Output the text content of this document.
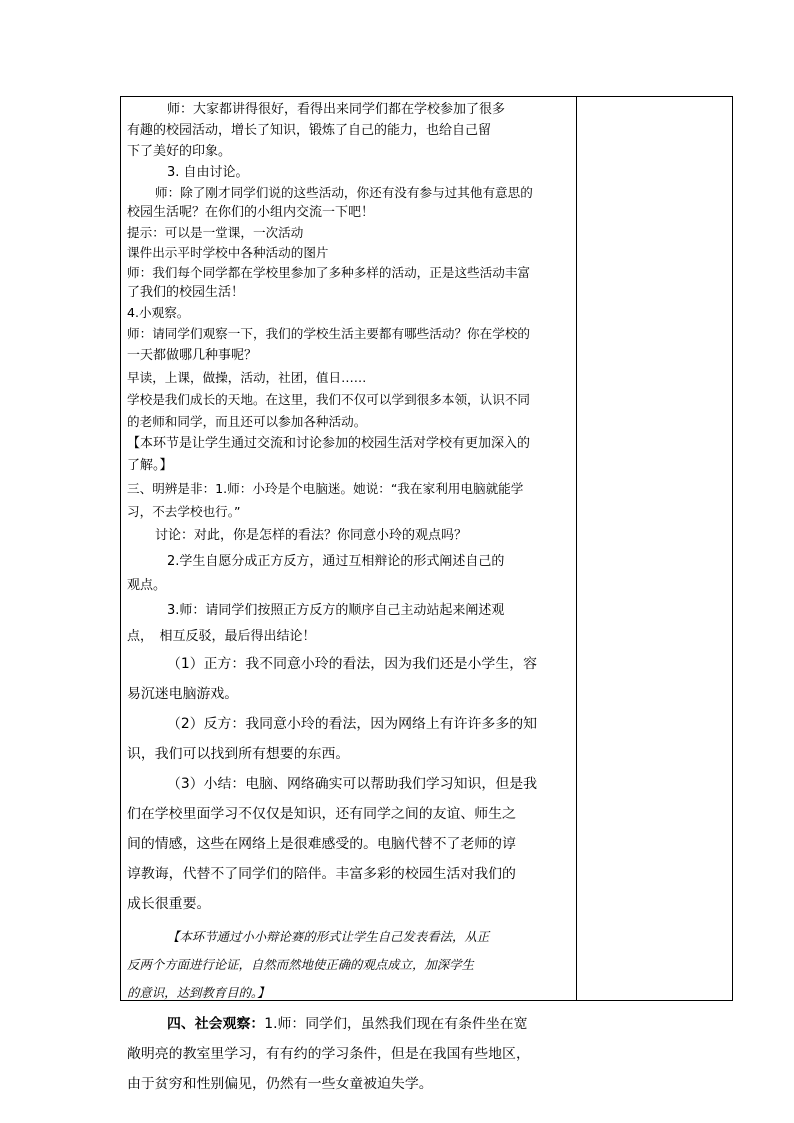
师：大家都讲得很好，看得出来同学们都在学校参加了很多

有趣的校园活动，增长了知识，锻炼了自己的能力，也给自己留

下了美好的印象。

3. 自由讨论。

师：除了刚才同学们说的这些活动，你还有没有参与过其他有意思的

校园生活呢？在你们的小组内交流一下吧！

提示：可以是一堂课，一次活动

课件出示平时学校中各种活动的图片

师：我们每个同学都在学校里参加了多种多样的活动，正是这些活动丰富

了我们的校园生活！

4.小观察。

师：请同学们观察一下，我们的学校生活主要都有哪些活动？你在学校的

一天都做哪几种事呢？

早读，上课，做操，活动，社团，值日……

学校是我们成长的天地。在这里，我们不仅可以学到很多本领，认识不同

的老师和同学，而且还可以参加各种活动。

【本环节是让学生通过交流和讨论参加的校园生活对学校有更加深入的

了解。】

三、明辨是非：1.师：小玲是个电脑迷。她说：“我在家利用电脑就能学

习，不去学校也行。”

讨论：对此，你是怎样的看法？你同意小玲的观点吗？

2.学生自愿分成正方反方，通过互相辩论的形式阐述自己的

观点。

3.师：请同学们按照正方反方的顺序自己主动站起来阐述观

点，　相互反驳，最后得出结论！

（1）正方：我不同意小玲的看法，因为我们还是小学生，容

易沉迷电脑游戏。

（2）反方：我同意小玲的看法，因为网络上有许许多多的知

识，我们可以找到所有想要的东西。

（3）小结：电脑、网络确实可以帮助我们学习知识，但是我

们在学校里面学习不仅仅是知识，还有同学之间的友谊、师生之

间的情感，这些在网络上是很难感受的。电脑代替不了老师的谆

谆教诲，代替不了同学们的陪伴。丰富多彩的校园生活对我们的

成长很重要。

【本环节通过小小辩论赛的形式让学生自己发表看法，从正

反两个方面进行论证，自然而然地使正确的观点成立，加深学生

的意识，达到教育目的。】

四、社会观察：1.师：同学们，虽然我们现在有条件坐在宽

敞明亮的教室里学习，有有约的学习条件，但是在我国有些地区，

由于贫穷和性别偏见，仍然有一些女童被迫失学。
